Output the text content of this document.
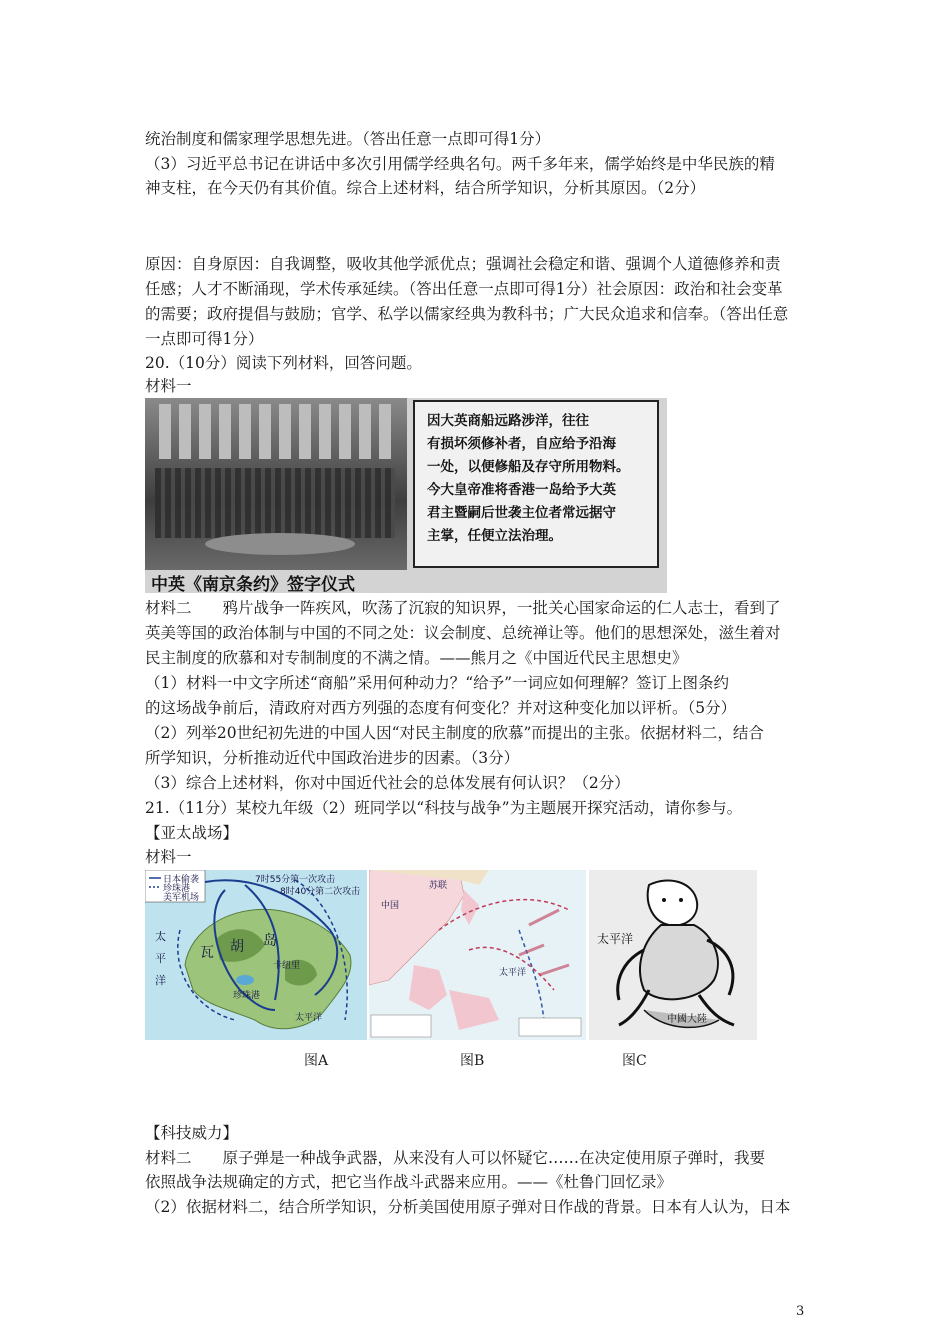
统治制度和儒家理学思想先进。（答出任意一点即可得1分）
（3）习近平总书记在讲话中多次引用儒学经典名句。两千多年来，儒学始终是中华民族的精
神支柱，在今天仍有其价值。综合上述材料，结合所学知识，分析其原因。（2分）
原因：自身原因：自我调整，吸收其他学派优点；强调社会稳定和谐、强调个人道德修养和责
任感；人才不断涌现，学术传承延续。（答出任意一点即可得1分）社会原因：政治和社会变革
的需要；政府提倡与鼓励；官学、私学以儒家经典为教科书；广大民众追求和信奉。（答出任意
一点即可得1分）
20.（10分）阅读下列材料，回答问题。
材料一
因大英商船远路涉洋，往往
有损坏须修补者，自应给予沿海
一处，以便修船及存守所用物料。
今大皇帝准将香港一岛给予大英
君主暨嗣后世袭主位者常远据守
主掌，任便立法治理。
中英《南京条约》签字仪式
材料二　　鸦片战争一阵疾风，吹荡了沉寂的知识界，一批关心国家命运的仁人志士，看到了
英美等国的政治体制与中国的不同之处：议会制度、总统禅让等。他们的思想深处，滋生着对
民主制度的欣慕和对专制制度的不满之情。——熊月之《中国近代民主思想史》
（1）材料一中文字所述“商船”采用何种动力？“给予”一词应如何理解？签订上图条约
的这场战争前后，清政府对西方列强的态度有何变化？并对这种变化加以评析。（5分）
（2）列举20世纪初先进的中国人因“对民主制度的欣慕”而提出的主张。依据材料二，结合
所学知识，分析推动近代中国政治进步的因素。（3分）
（3）综合上述材料，你对中国近代社会的总体发展有何认识？（2分）
21.（11分）某校九年级（2）班同学以“科技与战争”为主题展开探究活动，请你参与。
【亚太战场】
材料一
日本偷袭
珍珠港
美军机场
7时55分第一次攻击
8时40分第二次攻击
太
平
洋
瓦 胡 岛
卡纽里
珍珠港
太平洋
中国
苏联
太平洋
太平洋
中國大陸
图A	图B	图C
【科技威力】
材料二　　原子弹是一种战争武器，从来没有人可以怀疑它……在决定使用原子弹时，我要
依照战争法规确定的方式，把它当作战斗武器来应用。——《杜鲁门回忆录》
（2）依据材料二，结合所学知识，分析美国使用原子弹对日作战的背景。日本有人认为，日本
3
